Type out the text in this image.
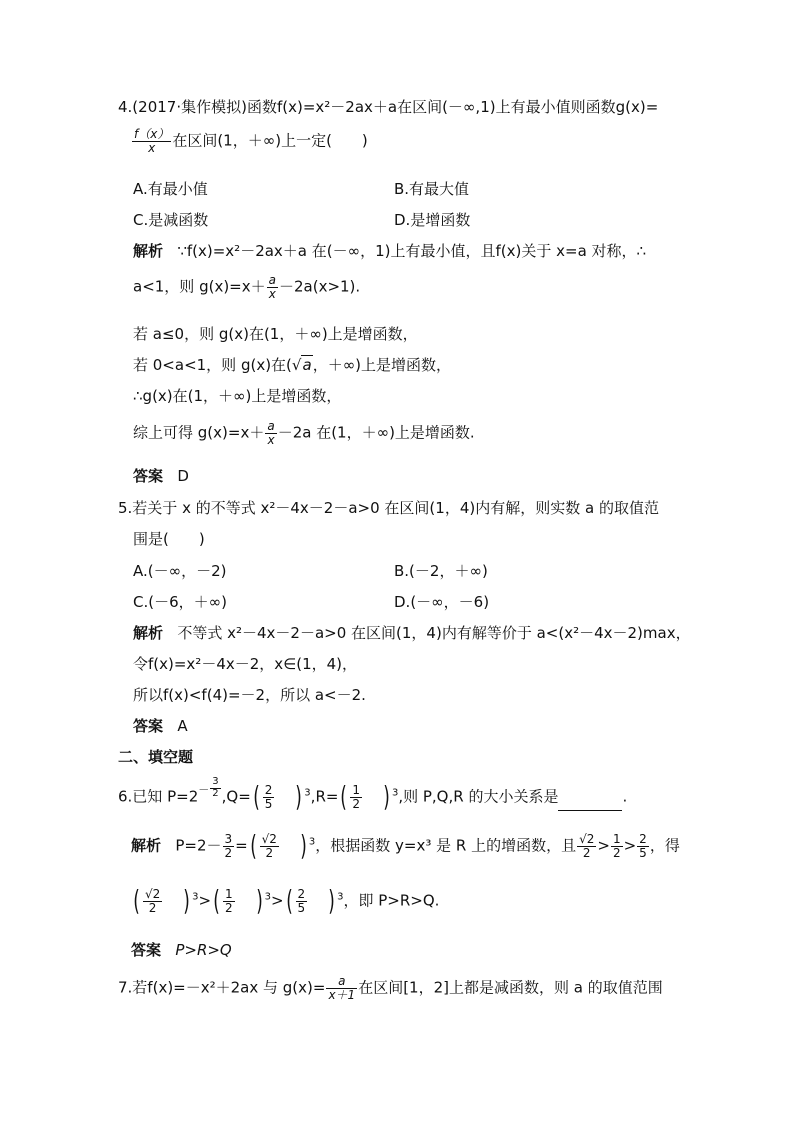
4.(2017·集作模拟)函数f(x)=x²－2ax＋a在区间(－∞,1)上有最小值则函数g(x)=
$\frac{f(x)}{x}$ 在区间(1，＋∞)上一定(　　)
A.有最小值	B.有最大值
C.是减函数	D.是增函数
解析 ∵f(x)=x²－2ax＋a 在(－∞，1)上有最小值，且f(x)关于 x=a 对称，∴
a<1，则 $g(x)=x+ \frac{a}{x} -2a(x>1)$.
若 a≤0，则 g(x)在(1，＋∞)上是增函数，
若 0<a<1，则 g(x)在(√a，＋∞)上是增函数，
∴g(x)在(1，＋∞)上是增函数，
综上可得 $g(x)=x+ \frac{a}{x} -2a$ 在(1，＋∞)上是增函数.
答案 D
5.若关于 x 的不等式 x²－4x－2－a>0 在区间(1，4)内有解，则实数 a 的取值范
围是(　　)
A.(－∞，－2)	B.(－2，＋∞)
C.(－6，＋∞)	D.(－∞，－6)
解析 不等式 x²－4x－2－a>0 在区间(1，4)内有解等价于 a<(x²－4x－2)max，
令f(x)=x²－4x－2，x∈(1，4)，
所以f(x)<f(4)=－2，所以 a<－2.
答案 A
二、填空题
6.已知 $P=2^- \frac{3}{2} ,Q=( \frac{2}{5}$ ) $^3,R=( \frac{1}{2}$ ) $^3$,则 P,Q,R 的大小关系是	.
解析 $P=2- \frac{3}{2}$ =( $\frac{√2}{2}$ ) $^3$，根据函数 y=x³ 是 R 上的增函数，且 $\frac{√2}{2} > \frac{1}{2} > \frac{2}{5}$ ，得
( $\frac{√2}{2}$ ) $^3>( \frac{1}{2}$ ) $^3>( \frac{2}{5}$ ) $^3$，即 P>R>Q.
答案 P>R>Q
7.若f(x)=－x²＋2ax 与 $g(x)= \frac{a}{x+1}$ 在区间[1，2]上都是减函数，则 a 的取值范围
